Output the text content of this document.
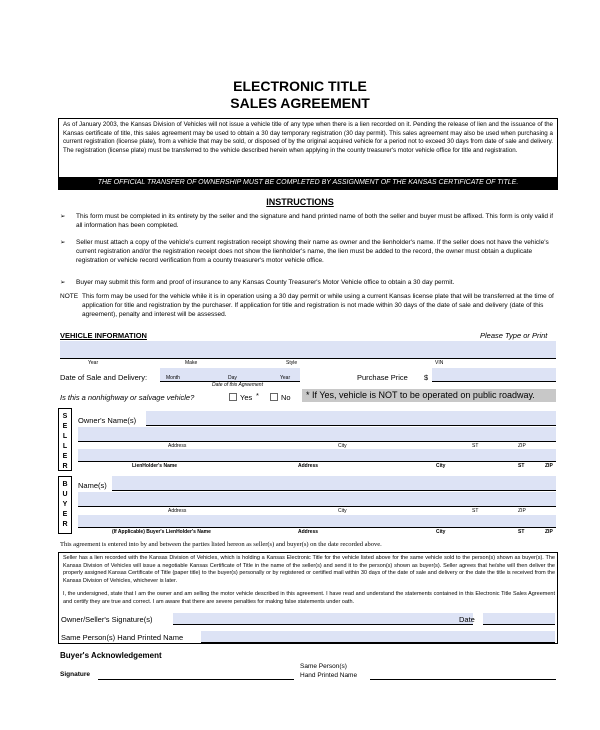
ELECTRONIC TITLE
SALES AGREEMENT
As of January 2003, the Kansas Division of Vehicles will not issue a vehicle title of any type when there is a lien recorded on it. Pending the release of lien and the issuance of the Kansas certificate of title, this sales agreement may be used to obtain a 30 day temporary registration (30 day permit). This sales agreement may also be used when purchasing a current registration (license plate), from a vehicle that may be sold, or disposed of by the original acquired vehicle for a period not to exceed 30 days from date of sale and delivery. The registration (license plate) must be transferred to the vehicle described herein when applying in the county treasurer's motor vehicle office for title and registration.
THE OFFICIAL TRANSFER OF OWNERSHIP MUST BE COMPLETED BY ASSIGNMENT OF THE KANSAS CERTIFICATE OF TITLE.
INSTRUCTIONS
➢	This form must be completed in its entirety by the seller and the signature and hand printed name of both the seller and buyer must be affixed. This form is only valid if all information has been completed.
➢	Seller must attach a copy of the vehicle's current registration receipt showing their name as owner and the lienholder's name. If the seller does not have the vehicle's current registration and/or the registration receipt does not show the lienholder's name, the lien must be added to the record, the owner must obtain a duplicate registration or vehicle record verification from a county treasurer's motor vehicle office.
➢	Buyer may submit this form and proof of insurance to any Kansas County Treasurer's Motor Vehicle office to obtain a 30 day permit.
NOTE This form may be used for the vehicle while it is in operation using a 30 day permit or while using a current Kansas license plate that will be transferred at the time of application for title and registration by the purchaser. If application for title and registration is not made within 30 days of the date of sale and delivery (date of this agreement), penalty and interest will be assessed.
VEHICLE INFORMATION	Please Type or Print
Year	Make	Style	VIN
Date of Sale and Delivery:	Month	Day	Year
Date of this Agreement
Purchase Price $
Is this a nonhighway or salvage vehicle?	Yes *	No	* If Yes, vehicle is NOT to be operated on public roadway.
S
E
L
L
E
R
Owner's Name(s)
Address	City	ST	ZIP
LienHolder's Name	Address	City	ST	ZIP
B
U
Y
E
R
Name(s)
Address	City	ST	ZIP
(If Applicable) Buyer's LienHolder's Name	Address	City	ST	ZIP
This agreement is entered into by and between the parties listed hereon as seller(s) and buyer(s) on the date recorded above.
Seller has a lien recorded with the Kansas Division of Vehicles, which is holding a Kansas Electronic Title for the vehicle listed above for the same vehicle sold to the person(s) shown as buyer(s). The Kansas Division of Vehicles will issue a negotiable Kansas Certificate of Title in the name of the seller(s) and send it to the person(s) shown as buyer(s). Seller agrees that he/she will then deliver the properly assigned Kansas Certificate of Title (paper title) to the buyer(s) personally or by registered or certified mail within 30 days of the date of sale and delivery or the date the title is received from the Kansas Division of Vehicles, whichever is later.
I, the undersigned, state that I am the owner and am selling the motor vehicle described in this agreement. I have read and understand the statements contained in this Electronic Title Sales Agreement and certify they are true and correct. I am aware that there are severe penalties for making false statements under oath.
Owner/Seller's Signature(s)	Date
Same Person(s) Hand Printed Name
Buyer's Acknowledgement
Signature
Same Person(s)
Hand Printed Name
